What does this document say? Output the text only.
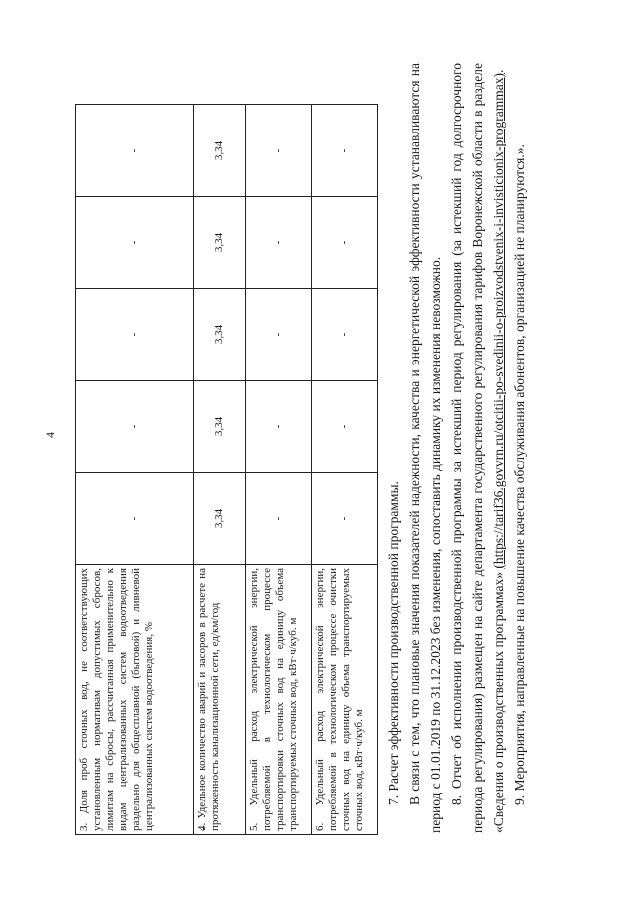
4
3. Доля проб сточных вод, не соответствующих установленным нормативам допустимых сбросов, лимитам на сбросы, рассчитанная применительно к видам централизованных систем водоотведения раздельно для общесплавной (бытовой) и ливневой централизованных систем водоотведения, %	-	-	-	-	-
4. Удельное количество аварий и засоров в расчете на протяженность канализационной сети, ед/км/год	3,34	3,34	3,34	3,34	3,34
5. Удельный расход электрической энергии, потребляемой в технологическом процессе транспортировки сточных вод на единицу объема транспортируемых сточных вод, кВт·ч/куб. м	-	-	-	-	-
6. Удельный расход электрической энергии, потребляемой в технологическом процессе очистки сточных вод на единицу объема транспортируемых сточных вод, кВт·ч/куб. м	-	-	-	-	-

7. Расчет эффективности производственной программы. В связи с тем, что плановые значения показателей надежности, качества и энергетической эффективности устанавливаются на период с 01.01.2019 по 31.12.2023 без изменения, сопоставить динамику их изменения невозможно. 8. Отчет об исполнении производственной программы за истекший период регулирования (за истекший год долгосрочного периода регулирования) размещен на сайте департамента государственного регулирования тарифов Воронежской области в разделе «Сведения о производственных программах» (https://tarif36.govvrn.ru/otcitii-po-svedinii-o-proizvodstvenix-i-invisticionix-programmax).

9. Мероприятия, направленные на повышение качества обслуживания абонентов, организацией не планируются.».
